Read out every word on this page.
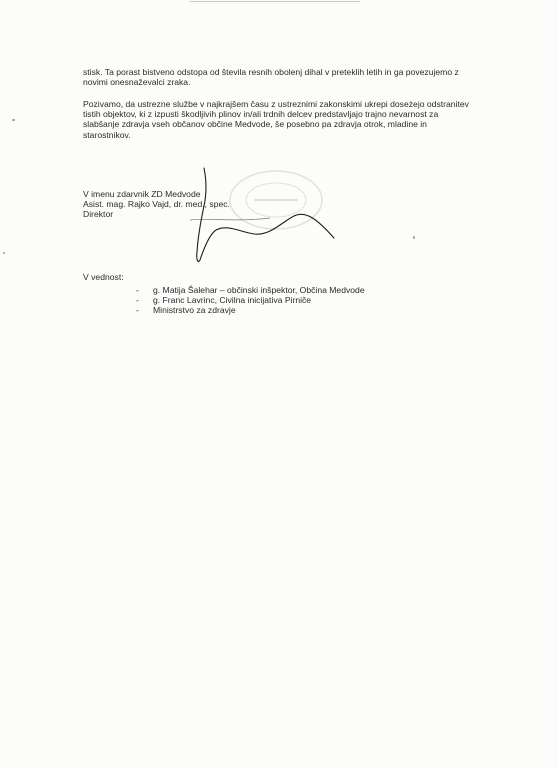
stisk. Ta porast bistveno odstopa od števila resnih obolenj dihal v preteklih letih in ga povezujemo z
novimi onesnaževalci zraka.

Pozivamo, da ustrezne službe v najkrajšem času z ustreznimi zakonskimi ukrepi doseżejo odstranitev
tistih objektov, ki z izpusti škodljivih plinov in/ali trdnih delcev predstavljajo trajno nevarnost za
slabšanje zdravja vseh občanov občine Medvode, še posebno pa zdravja otrok, mladine in
starostnikov.

V imenu zdarvnik ZD Medvode
Asist. mag. Rajko Vajd, dr. med., spec.
Direktor
V vednost:
- g. Matija Šalehar – občinski inšpektor, Občina Medvode
- g. Franc Lavrinc, Civilna inicijativa Pirniče
- Ministrstvo za zdravje
